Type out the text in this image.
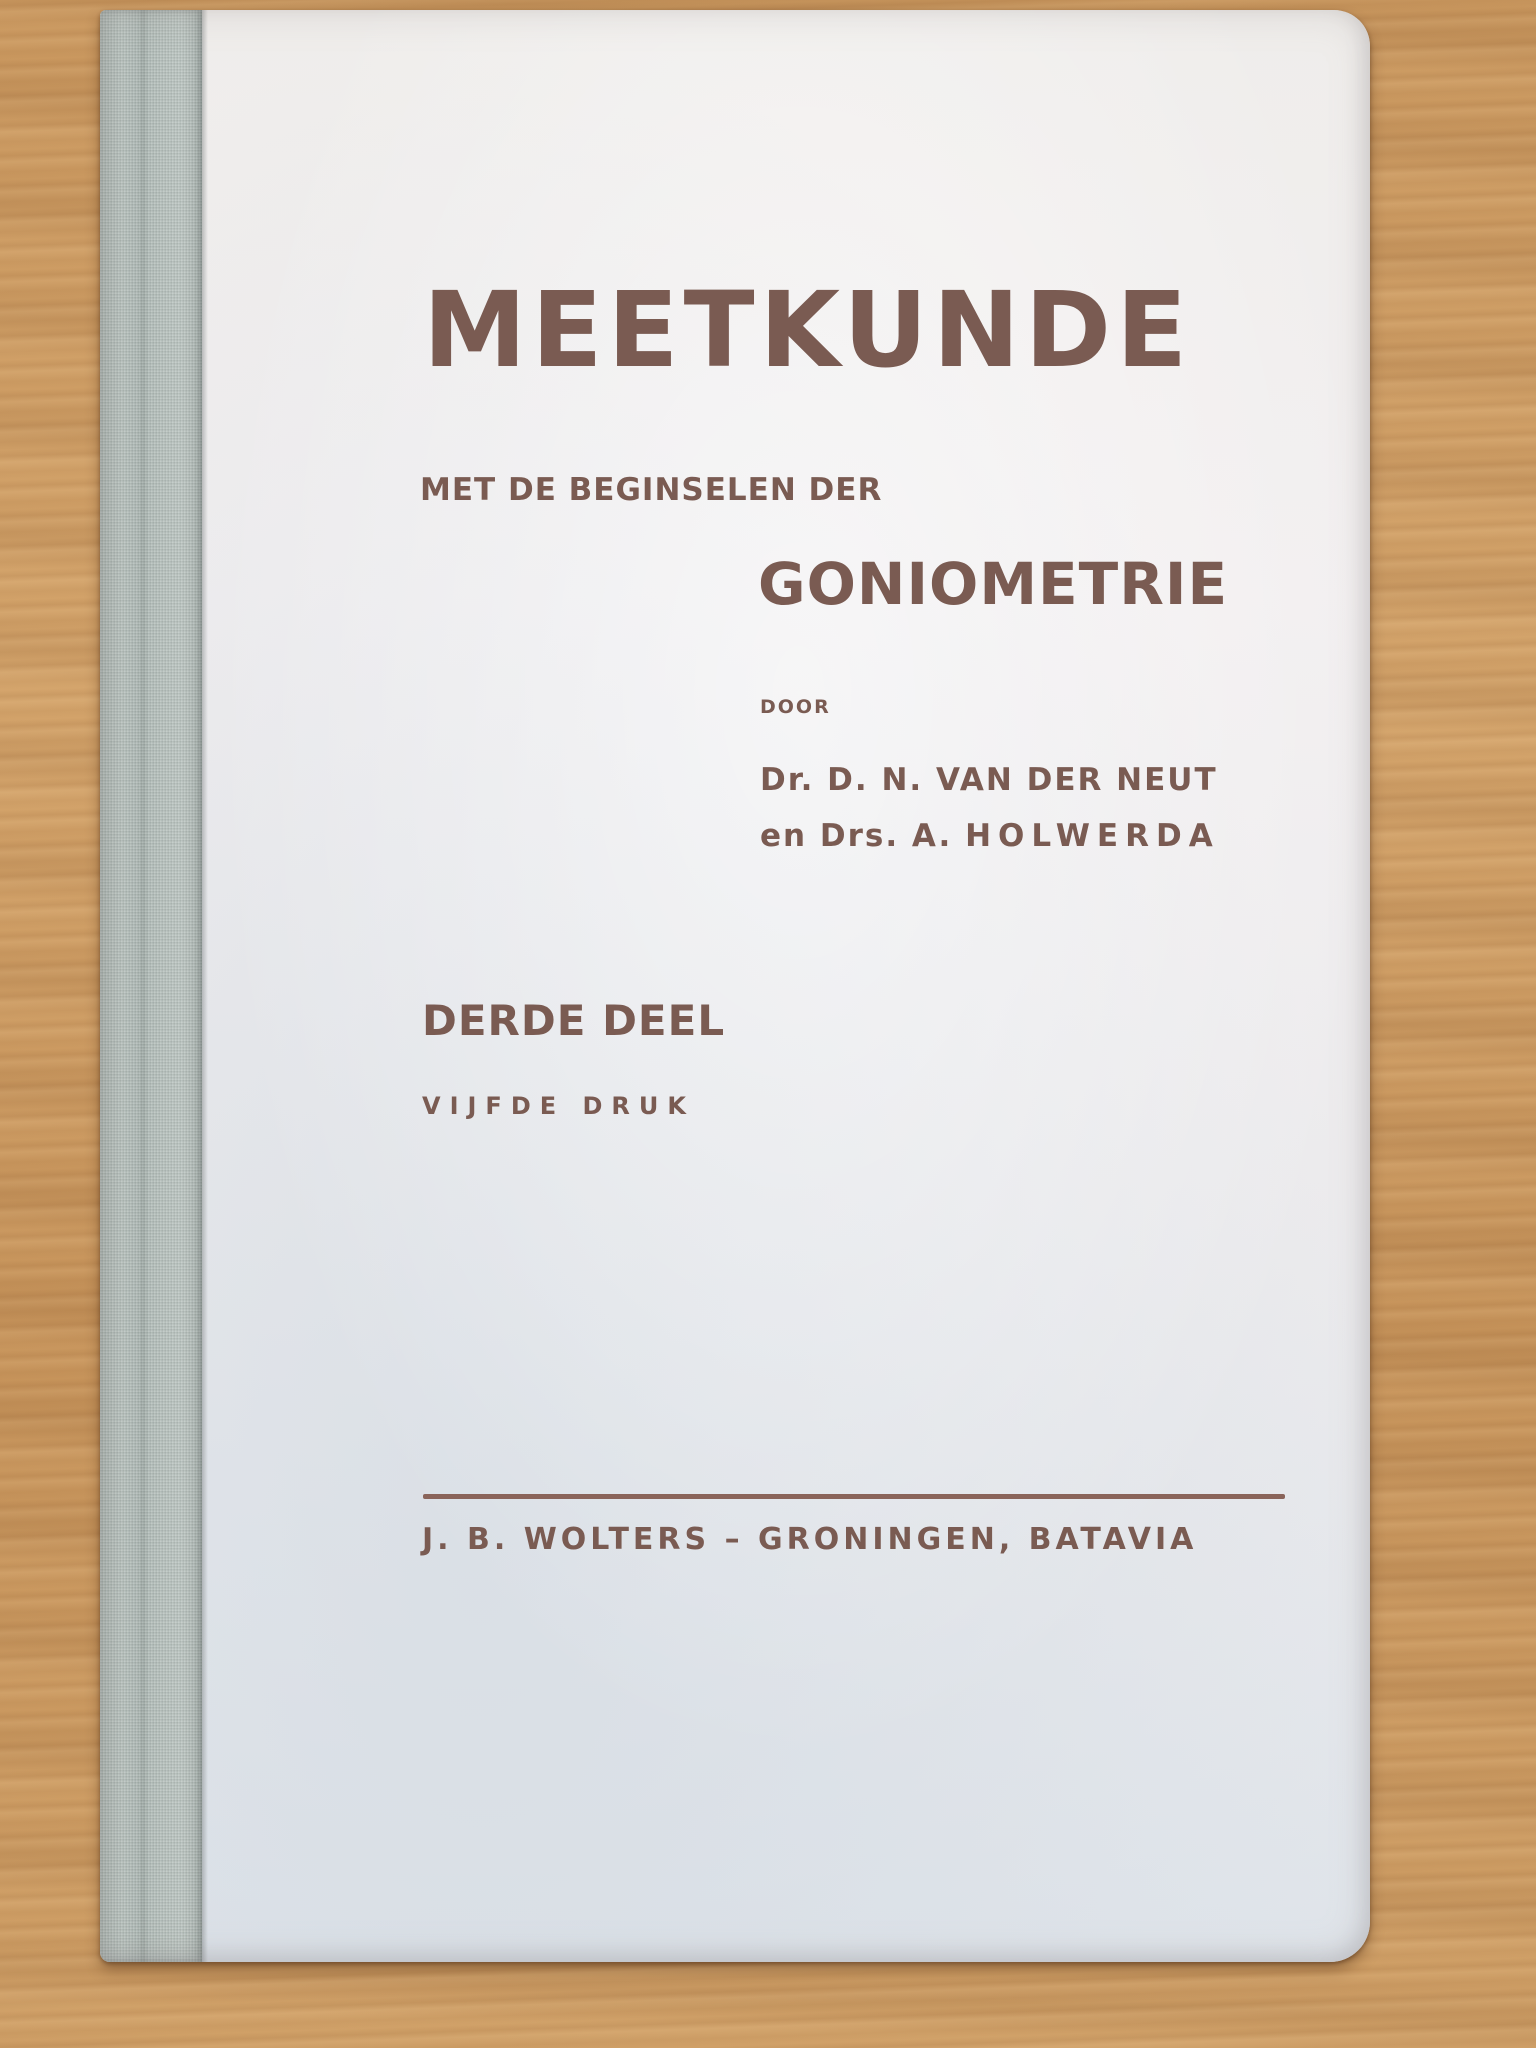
MEETKUNDE
MET DE BEGINSELEN DER
GONIOMETRIE
DOOR
Dr. D. N. VAN DER NEUT
en Drs. A. HOLWERDA
DERDE DEEL
VIJFDE DRUK
J. B. WOLTERS – GRONINGEN, BATAVIA
